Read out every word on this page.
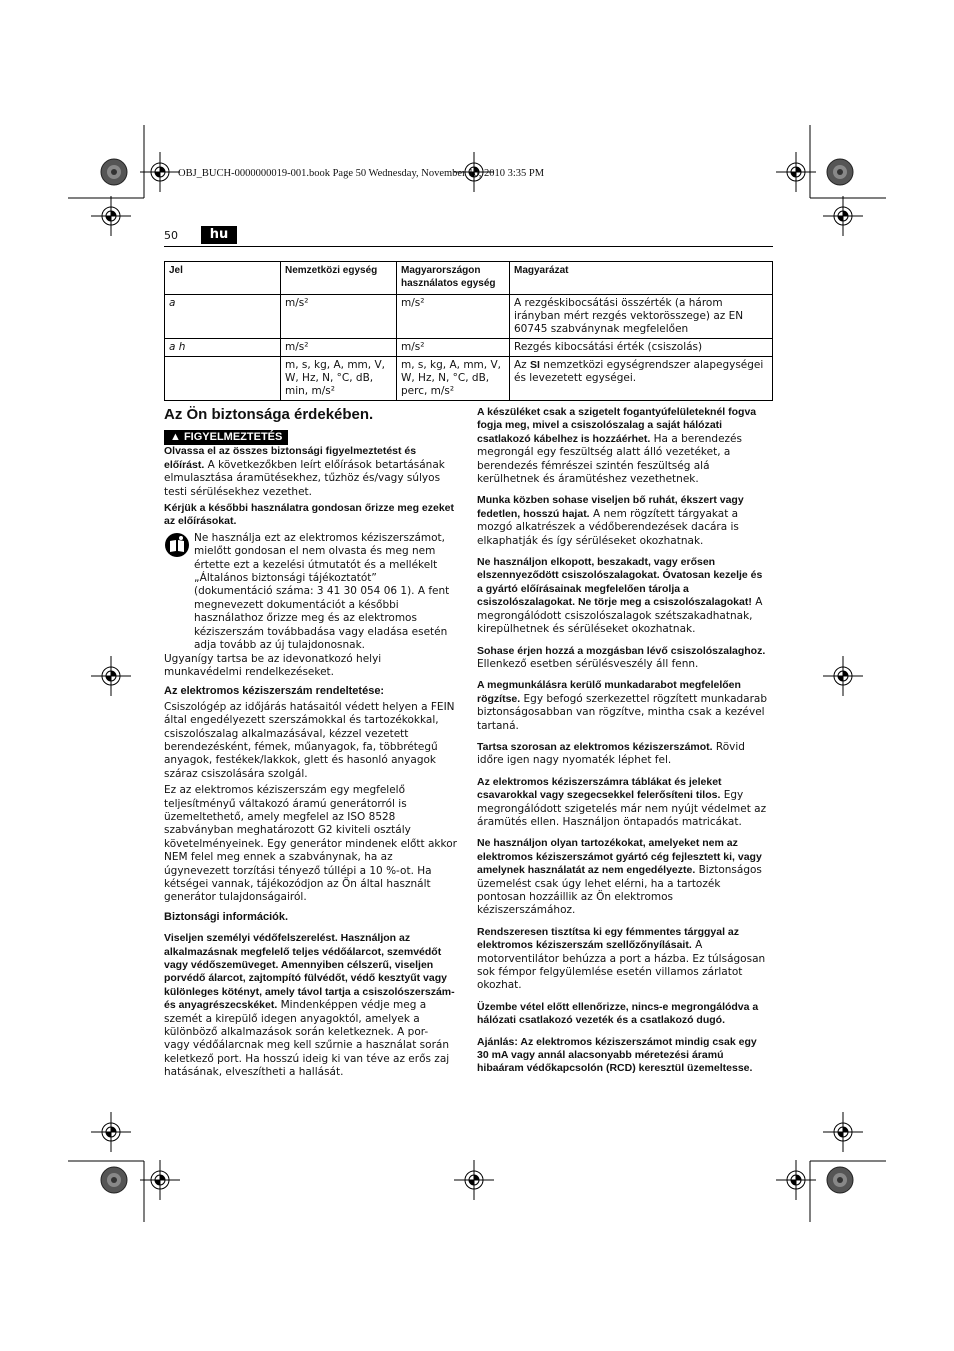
OBJ_BUCH-0000000019-001.book Page 50 Wednesday, November 10, 2010 3:35 PM
50	hu
Jel	Nemzetközi egység	Magyarországon használatos egység	Magyarázat
a	m/s²	m/s²	A rezgéskibocsátási összérték (a három irányban mért rezgés vektorösszege) az EN 60745 szabványnak megfelelően
a h	m/s²	m/s²	Rezgés kibocsátási érték (csiszolás)
	m, s, kg, A, mm, V, W, Hz, N, °C, dB, min, m/s²	m, s, kg, A, mm, V, W, Hz, N, °C, dB, perc, m/s²	Az SI nemzetközi egységrendszer alapegységei és levezetett egységei.
Az Ön biztonsága érdekében.
▲ FIGYELMEZTETÉS

Olvassa el az összes biztonsági figyelmeztetést és előírást. A következőkben leírt előírások betartásának elmulasztása áramütésekhez, tűzhöz és/vagy súlyos testi sérülésekhez vezethet.

Kérjük a későbbi használatra gondosan őrizze meg ezeket az előírásokat.

Ne használja ezt az elektromos kéziszerszámot, mielőtt gondosan el nem olvasta és meg nem értette ezt a kezelési útmutatót és a mellékelt „Általános biztonsági tájékoztatót” (dokumentáció száma: 3 41 30 054 06 1). A fent megnevezett dokumentációt a későbbi használathoz őrizze meg és az elektromos kéziszerszám továbbadása vagy eladása esetén adja tovább az új tulajdonosnak.

Ugyanígy tartsa be az idevonatkozó helyi munkavédelmi rendelkezéseket.

Az elektromos kéziszerszám rendeltetése:

Csiszológép az időjárás hatásaitól védett helyen a FEIN által engedélyezett szerszámokkal és tartozékokkal, csiszolószalag alkalmazásával, kézzel vezetett berendezésként, fémek, műanyagok, fa, többrétegű anyagok, festékek/lakkok, glett és hasonló anyagok száraz csiszolására szolgál.

Ez az elektromos kéziszerszám egy megfelelő teljesítményű váltakozó áramú generátorról is üzemeltethető, amely megfelel az ISO 8528 szabványban meghatározott G2 kiviteli osztály követelményeinek. Egy generátor mindenek előtt akkor NEM felel meg ennek a szabványnak, ha az úgynevezett torzítási tényező túllépi a 10 %-ot. Ha kétségei vannak, tájékozódjon az Ön által használt generátor tulajdonságairól.

Biztonsági információk.

Viseljen személyi védőfelszerelést. Használjon az alkalmazásnak megfelelő teljes védőálarcot, szemvédőt vagy védőszemüveget. Amennyiben célszerű, viseljen porvédő álarcot, zajtompító fülvédőt, védő kesztyűt vagy különleges kötényt, amely távol tartja a csiszolószerszám- és anyagrészecskéket. Mindenképpen védje meg a szemét a kirepülő idegen anyagoktól, amelyek a különböző alkalmazások során keletkeznek. A por- vagy védőálarcnak meg kell szűrnie a használat során keletkező port. Ha hosszú ideig ki van téve az erős zaj hatásának, elveszítheti a hallását.

A készüléket csak a szigetelt fogantyúfelületeknél fogva fogja meg, mivel a csiszolószalag a saját hálózati csatlakozó kábelhez is hozzáérhet. Ha a berendezés megrongál egy feszültség alatt álló vezetéket, a berendezés fémrészei szintén feszültség alá kerülhetnek és áramütéshez vezethetnek.

Munka közben sohase viseljen bő ruhát, ékszert vagy fedetlen, hosszú hajat. A nem rögzített tárgyakat a mozgó alkatrészek a védőberendezések dacára is elkaphatják és így sérüléseket okozhatnak.

Ne használjon elkopott, beszakadt, vagy erősen elszennyeződött csiszolószalagokat. Óvatosan kezelje és a gyártó előírásainak megfelelően tárolja a csiszolószalagokat. Ne törje meg a csiszolószalagokat! A megrongálódott csiszolószalagok szétszakadhatnak, kirepülhetnek és sérüléseket okozhatnak.

Sohase érjen hozzá a mozgásban lévő csiszolószalaghoz. Ellenkező esetben sérülésveszély áll fenn.

A megmunkálásra kerülő munkadarabot megfelelően rögzítse. Egy befogó szerkezettel rögzített munkadarab biztonságosabban van rögzítve, mintha csak a kezével tartaná.

Tartsa szorosan az elektromos kéziszerszámot. Rövid időre igen nagy nyomaték léphet fel.

Az elektromos kéziszerszámra táblákat és jeleket csavarokkal vagy szegecsekkel felerősíteni tilos. Egy megrongálódott szigetelés már nem nyújt védelmet az áramütés ellen. Használjon öntapadós matricákat.

Ne használjon olyan tartozékokat, amelyeket nem az elektromos kéziszerszámot gyártó cég fejlesztett ki, vagy amelynek használatát az nem engedélyezte. Biztonságos üzemelést csak úgy lehet elérni, ha a tartozék pontosan hozzáillik az Ön elektromos kéziszerszámához.

Rendszeresen tisztítsa ki egy fémmentes tárggyal az elektromos kéziszerszám szellőzőnyílásait. A motorventilátor behúzza a port a házba. Ez túlságosan sok fémpor felgyülemlése esetén villamos zárlatot okozhat.

Üzembe vétel előtt ellenőrizze, nincs-e megrongálódva a hálózati csatlakozó vezeték és a csatlakozó dugó.

Ajánlás: Az elektromos kéziszerszámot mindig csak egy 30 mA vagy annál alacsonyabb méretezési áramú hibaáram védőkapcsolón (RCD) keresztül üzemeltesse.
